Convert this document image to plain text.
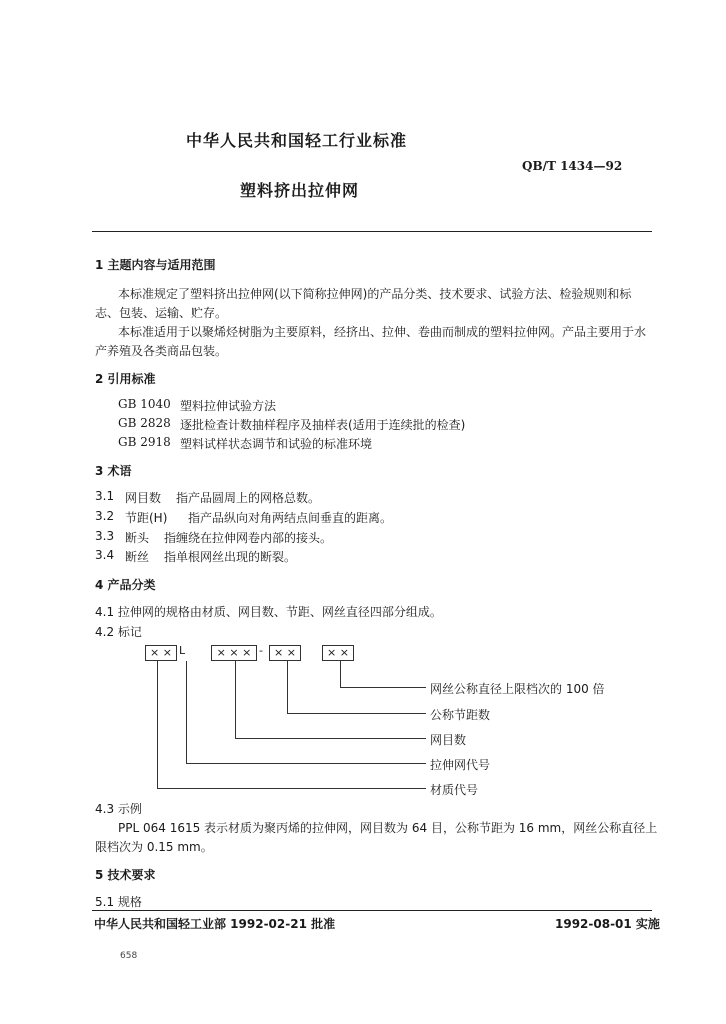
中华人民共和国轻工行业标准
QB/T 1434—92
塑料挤出拉伸网
1 主题内容与适用范围
本标准规定了塑料挤出拉伸网(以下简称拉伸网)的产品分类、技术要求、试验方法、检验规则和标
志、包装、运输、贮存。
本标准适用于以聚烯烃树脂为主要原料，经挤出、拉伸、卷曲而制成的塑料拉伸网。产品主要用于水
产养殖及各类商品包装。
2 引用标准
GB 1040 塑料拉伸试验方法
GB 2828 逐批检查计数抽样程序及抽样表(适用于连续批的检查)
GB 2918 塑料试样状态调节和试验的标准环境
3 术语
3.1 网目数 指产品圆周上的网格总数。
3.2 节距(H) 指产品纵向对角两结点间垂直的距离。
3.3 断头 指缠绕在拉伸网卷内部的接头。
3.4 断丝 指单根网丝出现的断裂。
4 产品分类
4.1 拉伸网的规格由材质、网目数、节距、网丝直径四部分组成。
4.2 标记
× × L	× × × -	× ×	× ×
网丝公称直径上限档次的 100 倍
公称节距数
网目数
拉伸网代号
材质代号
4.3 示例
PPL 064 1615 表示材质为聚丙烯的拉伸网，网目数为 64 目，公称节距为 16 mm，网丝公称直径上
限档次为 0.15 mm。
5 技术要求
5.1 规格
中华人民共和国轻工业部 1992-02-21 批准	1992-08-01 实施
658
